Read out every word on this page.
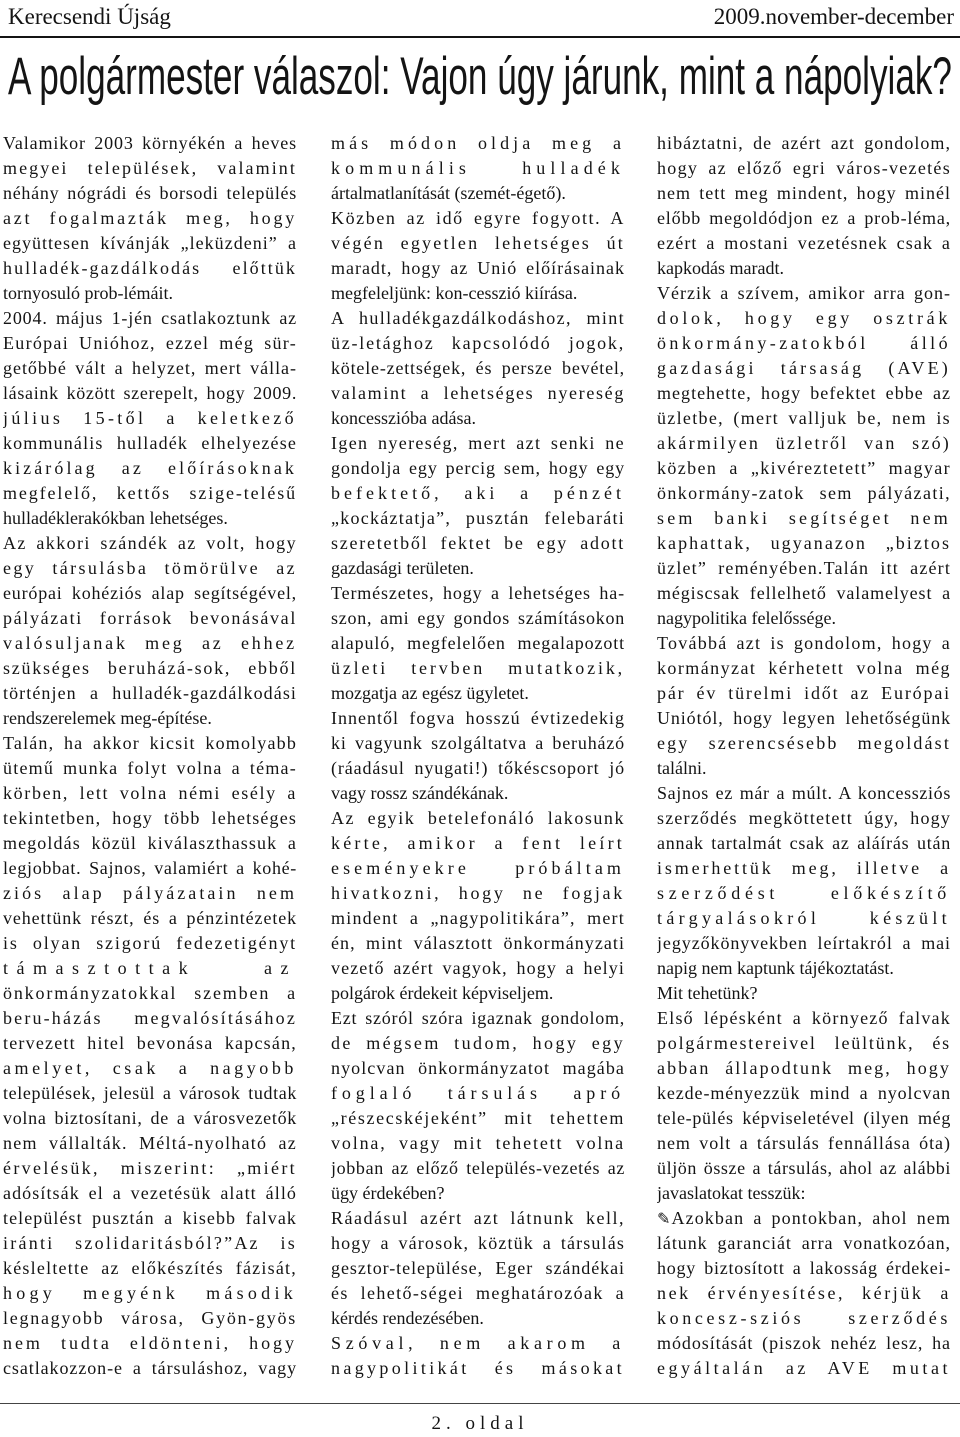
Kerecsendi Újság	2009.november-december
A polgármester válaszol: Vajon úgy járunk, mint a nápolyiak?
Valamikor 2003 környékén a heves
megyei települések, valamint
néhány nógrádi és borsodi település
azt fogalmazták meg, hogy
együttesen kívánják „leküzdeni” a
hulladék-gazdálkodás előttük
tornyosuló prob-lémáit.
2004. május 1-jén csatlakoztunk az
Európai Unióhoz, ezzel még sür-
getőbbé vált a helyzet, mert válla-
lásaink között szerepelt, hogy 2009.
július 15-től a keletkező
kommunális hulladék elhelyezése
kizárólag az előírásoknak
megfelelő, kettős szige-telésű
hulladéklerakókban lehetséges.
Az akkori szándék az volt, hogy
egy társulásba tömörülve az
európai kohéziós alap segítségével,
pályázati források bevonásával
valósuljanak meg az ehhez
szükséges beruházá-sok, ebből
történjen a hulladék-gazdálkodási
rendszerelemek meg-építése.
Talán, ha akkor kicsit komolyabb
ütemű munka folyt volna a téma-
körben, lett volna némi esély a
tekintetben, hogy több lehetséges
megoldás közül kiválaszthassuk a
legjobbat. Sajnos, valamiért a kohé-
ziós alap pályázatain nem
vehettünk részt, és a pénzintézetek
is olyan szigorú fedezetigényt
támasztottak az
önkormányzatokkal szemben a
beru-házás megvalósításához
tervezett hitel bevonása kapcsán,
amelyet, csak a nagyobb
települések, jelesül a városok tudtak
volna biztosítani, de a városvezetők
nem vállalták. Méltá-nyolható az
érvelésük, miszerint: „miért
adósítsák el a vezetésük alatt álló
települést pusztán a kisebb falvak
iránti szolidaritásból?”Az is
késleltette az előkészítés fázisát,
hogy megyénk második
legnagyobb városa, Gyön-gyös
nem tudta eldönteni, hogy
csatlakozzon-e a társuláshoz, vagy
más módon oldja meg a
kommunális hulladék
ártalmatlanítását (szemét-égető).
Közben az idő egyre fogyott. A
végén egyetlen lehetséges út
maradt, hogy az Unió előírásainak
megfeleljünk: kon-cesszió kiírása.
A hulladékgazdálkodáshoz, mint
üz-letághoz kapcsolódó jogok,
kötele-zettségek, és persze bevétel,
valamint a lehetséges nyereség
koncesszióba adása.
Igen nyereség, mert azt senki ne
gondolja egy percig sem, hogy egy
befektető, aki a pénzét
„kockáztatja”, pusztán felebaráti
szeretetből fektet be egy adott
gazdasági területen.
Természetes, hogy a lehetséges ha-
szon, ami egy gondos számításokon
alapuló, megfelelően megalapozott
üzleti tervben mutatkozik,
mozgatja az egész ügyletet.
Innentől fogva hosszú évtizedekig
ki vagyunk szolgáltatva a beruházó
(ráadásul nyugati!) tőkéscsoport jó
vagy rossz szándékának.
Az egyik betelefonáló lakosunk
kérte, amikor a fent leírt
eseményekre próbáltam
hivatkozni, hogy ne fogjak
mindent a „nagypolitikára”, mert
én, mint választott önkormányzati
vezető azért vagyok, hogy a helyi
polgárok érdekeit képviseljem.
Ezt szóról szóra igaznak gondolom,
de mégsem tudom, hogy egy
nyolcvan önkormányzatot magába
foglaló társulás apró
„részecskéjeként” mit tehettem
volna, vagy mit tehetett volna
jobban az előző település-vezetés az
ügy érdekében?
Ráadásul azért azt látnunk kell,
hogy a városok, köztük a társulás
gesztor-települése, Eger szándékai
és lehető-ségei meghatározóak a
kérdés rendezésében.
Szóval, nem akarom a
nagypolitikát és másokat
hibáztatni, de azért azt gondolom,
hogy az előző egri város-vezetés
nem tett meg mindent, hogy minél
előbb megoldódjon ez a prob-léma,
ezért a mostani vezetésnek csak a
kapkodás maradt.
Vérzik a szívem, amikor arra gon-
dolok, hogy egy osztrák
önkormány-zatokból álló
gazdasági társaság (AVE)
megtehette, hogy befektet ebbe az
üzletbe, (mert valljuk be, nem is
akármilyen üzletről van szó)
közben a „kivéreztetett” magyar
önkormány-zatok sem pályázati,
sem banki segítséget nem
kaphattak, ugyanazon „biztos
üzlet” reményében.Talán itt azért
mégiscsak fellelhető valamelyest a
nagypolitika felelőssége.
Továbbá azt is gondolom, hogy a
kormányzat kérhetett volna még
pár év türelmi időt az Európai
Uniótól, hogy legyen lehetőségünk
egy szerencsésebb megoldást
találni.
Sajnos ez már a múlt. A koncessziós
szerződés megköttetett úgy, hogy
annak tartalmát csak az aláírás után
ismerhettük meg, illetve a
szerződést előkészítő
tárgyalásokról készült
jegyzőkönyvekben leírtakról a mai
napig nem kaptunk tájékoztatást.
Mit tehetünk?
Első lépésként a környező falvak
polgármestereivel leültünk, és
abban állapodtunk meg, hogy
kezde-ményezzük mind a nyolcvan
tele-pülés képviseletével (ilyen még
nem volt a társulás fennállása óta)
üljön össze a társulás, ahol az alábbi
javaslatokat tesszük:
✎Azokban a pontokban, ahol nem
látunk garanciát arra vonatkozóan,
hogy biztosított a lakosság érdekei-
nek érvényesítése, kérjük a
koncesz-sziós szerződés
módosítását (piszok nehéz lesz, ha
egyáltalán az AVE mutat
2. oldal
